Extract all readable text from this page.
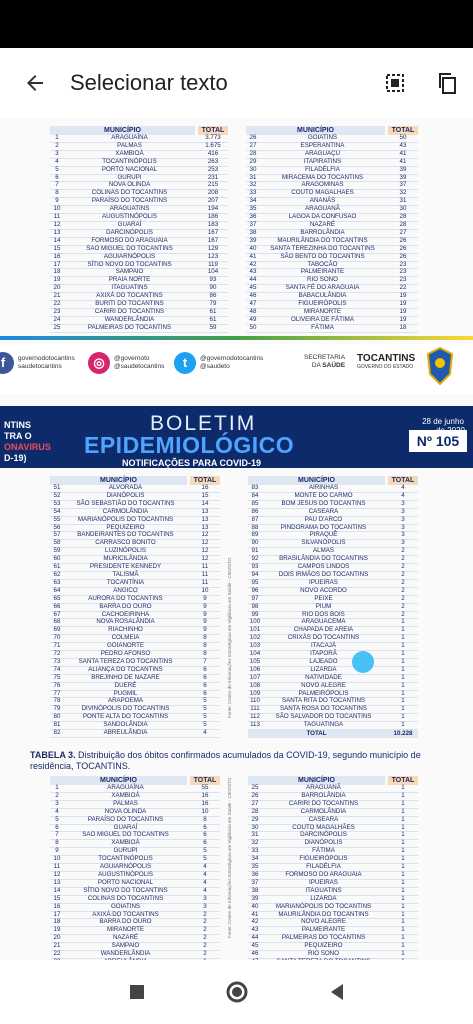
Selecionar texto
MUNICÍPIO	TOTAL
1	ARAGUAÍNA	3.773
2	PALMAS	1.675
3	XAMBIOÁ	416
4	TOCANTINÓPOLIS	263
5	PORTO NACIONAL	253
6	GURUPI	231
7	NOVA OLINDA	215
8	COLINAS DO TOCANTINS	208
9	PARAÍSO DO TOCANTINS	207
10	ARAGUATINS	194
11	AUGUSTINÓPOLIS	186
12	GUARAÍ	183
13	DARCINÓPOLIS	167
14	FORMOSO DO ARAGUAIA	167
15	SAO MIGUEL DO TOCANTINS	129
16	AGUIARNÓPOLIS	123
17	SÍTIO NOVO DO TOCANTINS	119
18	SAMPAIO	104
19	PRAIA NORTE	93
20	ITAGUATINS	90
21	AXIXÁ DO TOCANTINS	86
22	BURITI DO TOCANTINS	79
23	CARIRI DO TOCANTINS	61
24	WANDERLÂNDIA	61
25	PALMEIRAS DO TOCANTINS	59
MUNICÍPIO	TOTAL
26	GOIATINS	50
27	ESPERANTINA	43
28	ARAGUAÇU	41
29	ITAPIRATINS	41
30	FILADÉLFIA	39
31	MIRACEMA DO TOCANTINS	39
32	ARAGOMINAS	37
33	COUTO MAGALHAES	32
34	ANANÁS	31
35	ARAGUANÃ	30
36	LAGOA DA CONFUSAO	28
37	NAZARÉ	28
38	BARROLÂNDIA	27
39	MAURILÂNDIA DO TOCANTINS	26
40	SANTA TEREZINHA DO TOCANTINS	26
41	SÃO BENTO DO TOCANTINS	26
42	TABOCÃO	23
43	PALMEIRANTE	23
44	RIO SONO	23
45	SANTA FÉ DO ARAGUAIA	22
46	BABACULÂNDIA	19
47	FIGUEIRÓPOLIS	19
48	MIRANORTE	19
49	OLIVEIRA DE FÁTIMA	19
50	FÁTIMA	18
f	governodotocantins
saudetocantins	◎	@governoto
@saudetocantins	t	@governodotocantins
@saudeto
SECRETARIA
DA SAÚDE
TOCANTINS
GOVERNO DO ESTADO
NTINS
TRA O
ONAVIRUS
D-19)
BOLETIM
EPIDEMIOLÓGICO
NOTIFICAÇÕES PARA COVID-19
28 de junho

Nº 105
MUNICÍPIO	TOTAL
51	ALVORADA	16
52	DIANÓPOLIS	15
53	SÃO SEBASTIÃO DO TOCANTINS	14
54	CARMOLÂNDIA	13
55	MARIANÓPOLIS DO TOCANTINS	13
56	PEQUIZEIRO	13
57	BANDEIRANTES DO TOCANTINS	12
58	CARRASCO BONITO	12
59	LUZINÓPOLIS	12
60	MURICILÂNDIA	12
61	PRESIDENTE KENNEDY	11
62	TALISMÃ	11
63	TOCANTÍNIA	11
64	ANGICO	10
65	AURORA DO TOCANTINS	9
66	BARRA DO OURO	9
67	CACHOEIRINHA	9
68	NOVA ROSALÂNDIA	9
69	RIACHINHO	9
70	COLMEIA	8
71	GOIANORTE	8
72	PEDRO AFONSO	8
73	SANTA TEREZA DO TOCANTINS	7
74	ALIANÇA DO TOCANTINS	6
75	BREJINHO DE NAZARE	6
76	DUERÉ	6
77	PUGMIL	6
78	ARAPOEMA	5
79	DIVINÓPOLIS DO TOCANTINS	5
80	PONTE ALTA DO TOCANTINS	5
81	SANDOLÂNDIA	5
82	ABREULÂNDIA	4
MUNICÍPIO	TOTAL
83	AIRINHAS	4
84	MONTE DO CARMO	4
85	BOM JESUS DO TOCANTINS	3
86	CASEARA	3
87	PAU D'ARCO	3
88	PINDORAMA DO TOCANTINS	3
89	PIRAQUÊ	3
90	SILVANÓPOLIS	3
91	ALMAS	2
92	BRASILÂNDIA DO TOCANTINS	2
93	CAMPOS LINDOS	2
94	DOIS IRMÃOS DO TOCANTINS	2
95	IPUEIRAS	2
96	NOVO ACORDO	2
97	PEIXE	2
98	PIUM	2
99	RIO DOS BOIS	2
100	ARAGUACEMA	1
101	CHAPADA DE AREIA	1
102	CRIXÁS DO TOCANTINS	1
103	ITACAJÁ	1
104	ITAPORÃ	1
105	LAJEADO	1
106	LIZARDA	1
107	NATIVIDADE	1
108	NOVO ALEGRE	1
109	PALMEIRÓPOLIS	1
110	SANTA RITA DO TOCANTINS	1
111	SANTA ROSA DO TOCANTINS	1
112	SÃO SALVADOR DO TOCANTINS	1
113	TAGUATINGA	1
TOTAL	10.228
Fonte: Centro de Informações Estratégicas em Vigilância em Saúde - CIEVS/TO
TABELA 3. Distribuição dos óbitos confirmados acumulados da COVID-19, segundo município de residência, TOCANTINS.
MUNICÍPIO	TOTAL
1	ARAGUAÍNA	55
2	XAMBIOÁ	16
3	PALMAS	16
4	NOVA OLINDA	10
5	PARAÍSO DO TOCANTINS	8
6	GUARAÍ	6
7	SAO MIGUEL DO TOCANTINS	6
8	XAMBIOÁ	6
9	GURUPI	5
10	TOCANTINÓPOLIS	5
11	AGUIARNÓPOLIS	4
12	AUGUSTINÓPOLIS	4
13	PORTO NACIONAL	4
14	SÍTIO NOVO DO TOCANTINS	4
15	COLINAS DO TOCANTINS	3
16	GOIATINS	3
17	AXIXÁ DO TOCANTINS	2
18	BARRA DO OURO	2
19	MIRANORTE	2
20	NAZARÉ	2
21	SAMPAIO	2
22	WANDERLÂNDIA	2
MUNICÍPIO	TOTAL
25	ARAGUANÃ	1
26	BARROLÂNDIA	1
27	CARIRI DO TOCANTINS	1
28	CARMOLÂNDIA	1
29	CASEARA	1
30	COUTO MAGALHÃES	1
31	DARCINÓPOLIS	1
32	DIANÓPOLIS	1
33	FÁTIMA	1
34	FIGUEIRÓPOLIS	1
35	FILADÉLFIA	1
36	FORMOSO DO ARAGUAIA	1
37	IPUEIRAS	1
38	ITAGUATINS	1
39	LIZARDA	1
40	MARIANÓPOLIS DO TOCANTINS	1
41	MAURILÂNDIA DO TOCANTINS	1
42	NOVO ALEGRE	1
43	PALMEIRANTE	1
44	PALMEIRAS DO TOCANTINS	1
45	PEQUIZEIRO	1
46	RIO SONO	1
Fonte: Centro de Informações Estratégicas em Vigilância em Saúde - CIEVS/TO
